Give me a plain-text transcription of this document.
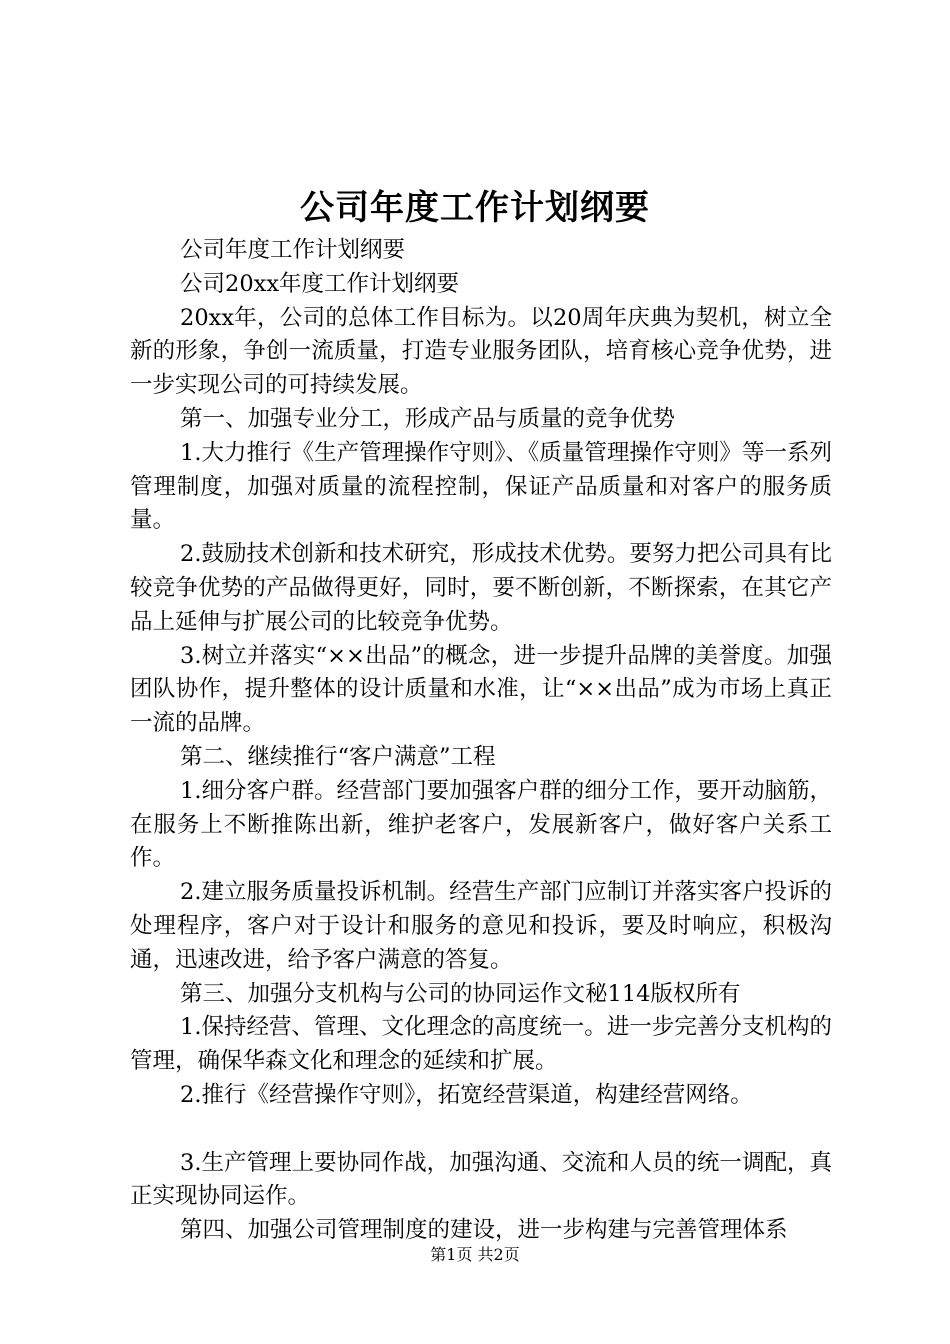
公司年度工作计划纲要

公司年度工作计划纲要

公司20xx年度工作计划纲要

20xx年，公司的总体工作目标为。以20周年庆典为契机，树立全新的形象，争创一流质量，打造专业服务团队，培育核心竞争优势，进一步实现公司的可持续发展。

第一、加强专业分工，形成产品与质量的竞争优势

1.大力推行《生产管理操作守则》、《质量管理操作守则》等一系列管理制度，加强对质量的流程控制，保证产品质量和对客户的服务质量。

2.鼓励技术创新和技术研究，形成技术优势。要努力把公司具有比较竞争优势的产品做得更好，同时，要不断创新，不断探索，在其它产品上延伸与扩展公司的比较竞争优势。

3.树立并落实“××出品”的概念，进一步提升品牌的美誉度。加强团队协作，提升整体的设计质量和水准，让“××出品”成为市场上真正一流的品牌。

第二、继续推行“客户满意”工程

1.细分客户群。经营部门要加强客户群的细分工作，要开动脑筋，在服务上不断推陈出新，维护老客户，发展新客户，做好客户关系工作。

2.建立服务质量投诉机制。经营生产部门应制订并落实客户投诉的处理程序，客户对于设计和服务的意见和投诉，要及时响应，积极沟通，迅速改进，给予客户满意的答复。

第三、加强分支机构与公司的协同运作文秘114版权所有

1.保持经营、管理、文化理念的高度统一。进一步完善分支机构的管理，确保华森文化和理念的延续和扩展。

2.推行《经营操作守则》，拓宽经营渠道，构建经营网络。

3.生产管理上要协同作战，加强沟通、交流和人员的统一调配，真正实现协同运作。

第四、加强公司管理制度的建设，进一步构建与完善管理体系

第1页 共2页
